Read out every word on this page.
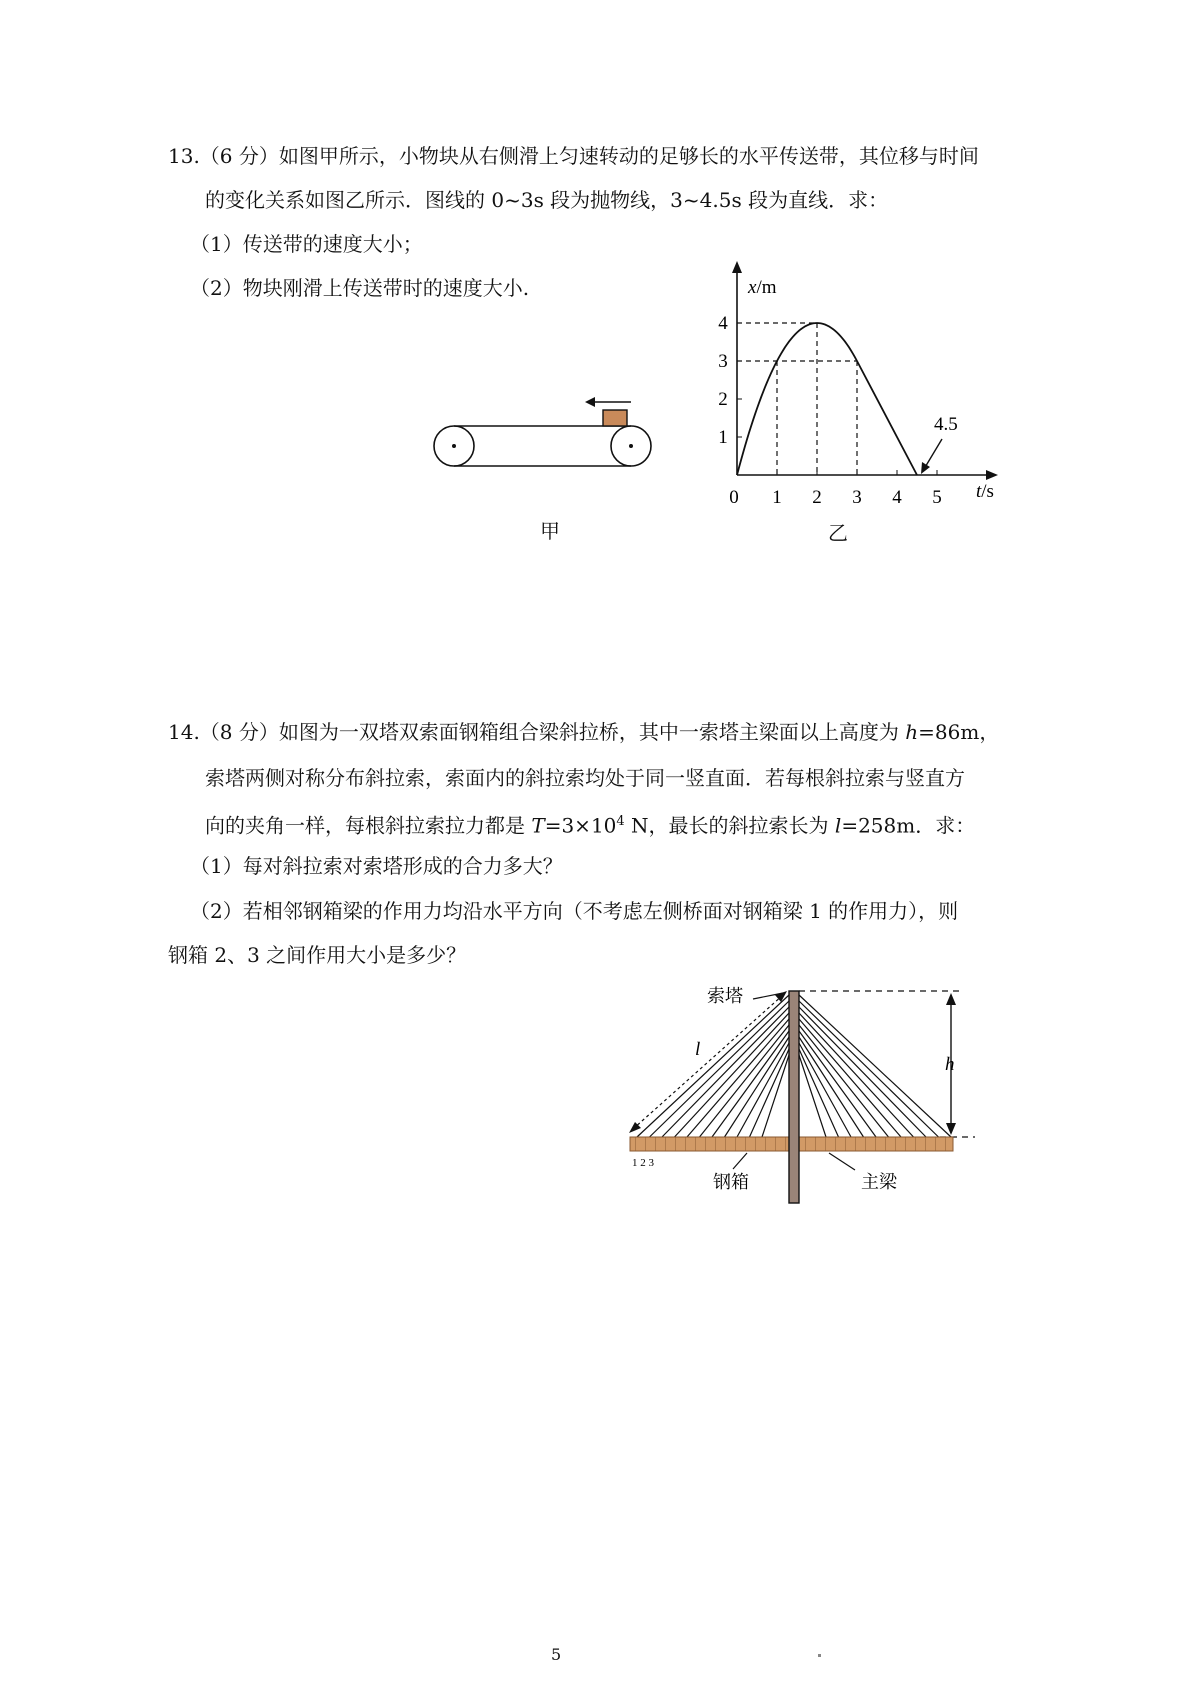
13.（6 分）如图甲所示，小物块从右侧滑上匀速转动的足够长的水平传送带，其位移与时间
的变化关系如图乙所示．图线的 0~3s 段为抛物线，3~4.5s 段为直线．求：
（1）传送带的速度大小；
（2）物块刚滑上传送带时的速度大小.
甲
1
2
3
4
0 1 2 3 4 5
x/m
t/s
4.5
乙
14.（8 分）如图为一双塔双索面钢箱组合梁斜拉桥，其中一索塔主梁面以上高度为 h=86m，
索塔两侧对称分布斜拉索，索面内的斜拉索均处于同一竖直面．若每根斜拉索与竖直方
向的夹角一样，每根斜拉索拉力都是 $T=3\times 10^4$ N，最长的斜拉索长为 l=258m．求：
（1）每对斜拉索对索塔形成的合力多大？
（2）若相邻钢箱梁的作用力均沿水平方向（不考虑左侧桥面对钢箱梁 1 的作用力），则
钢箱 2、3 之间作用大小是多少？
h
l
索塔
1 2 3
钢箱	主梁
5
